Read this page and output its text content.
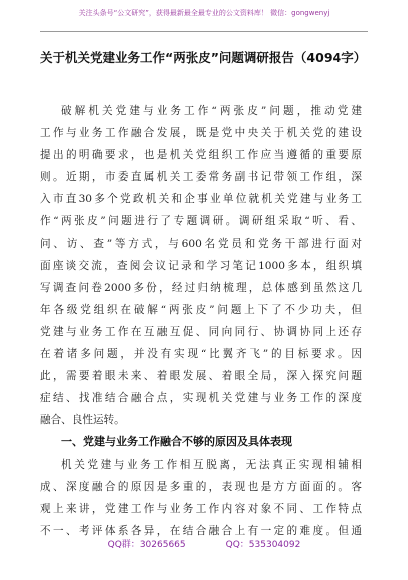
关注头条号“公文研究”，获得最新最全最专业的公文资料库！ 微信：gongwenyj
关于机关党建业务工作“两张皮”问题调研报告（4094字）
破解机关党建与业务工作“两张皮”问题，推动党建
工作与业务工作融合发展，既是党中央关于机关党的建设
提出的明确要求，也是机关党组织工作应当遵循的重要原
则。近期，市委直属机关工委常务副书记带领工作组，深
入市直30多个党政机关和企事业单位就机关党建与业务工
作“两张皮”问题进行了专题调研。调研组采取“听、看、
问、访、查”等方式，与600名党员和党务干部进行面对
面座谈交流，查阅会议记录和学习笔记1000多本，组织填
写调查问卷2000多份，经过归纳梳理，总体感到虽然这几
年各级党组织在破解“两张皮”问题上下了不少功夫，但
党建与业务工作在互融互促、同向同行、协调协同上还存
在着诸多问题，并没有实现“比翼齐飞”的目标要求。因
此，需要着眼未来、着眼发展、着眼全局，深入探究问题
症结、找准结合融合点，实现机关党建与业务工作的深度
融合、良性运转。
一、党建与业务工作融合不够的原因及具体表现
机关党建与业务工作相互脱离，无法真正实现相辅相
成、深度融合的原因是多重的，表现也是方方面面的。客
观上来讲，党建工作与业务工作内容对象不同、工作特点
不一、考评体系各异，在结合融合上有一定的难度。但通
QQ群：30265665	QQ：535304092
